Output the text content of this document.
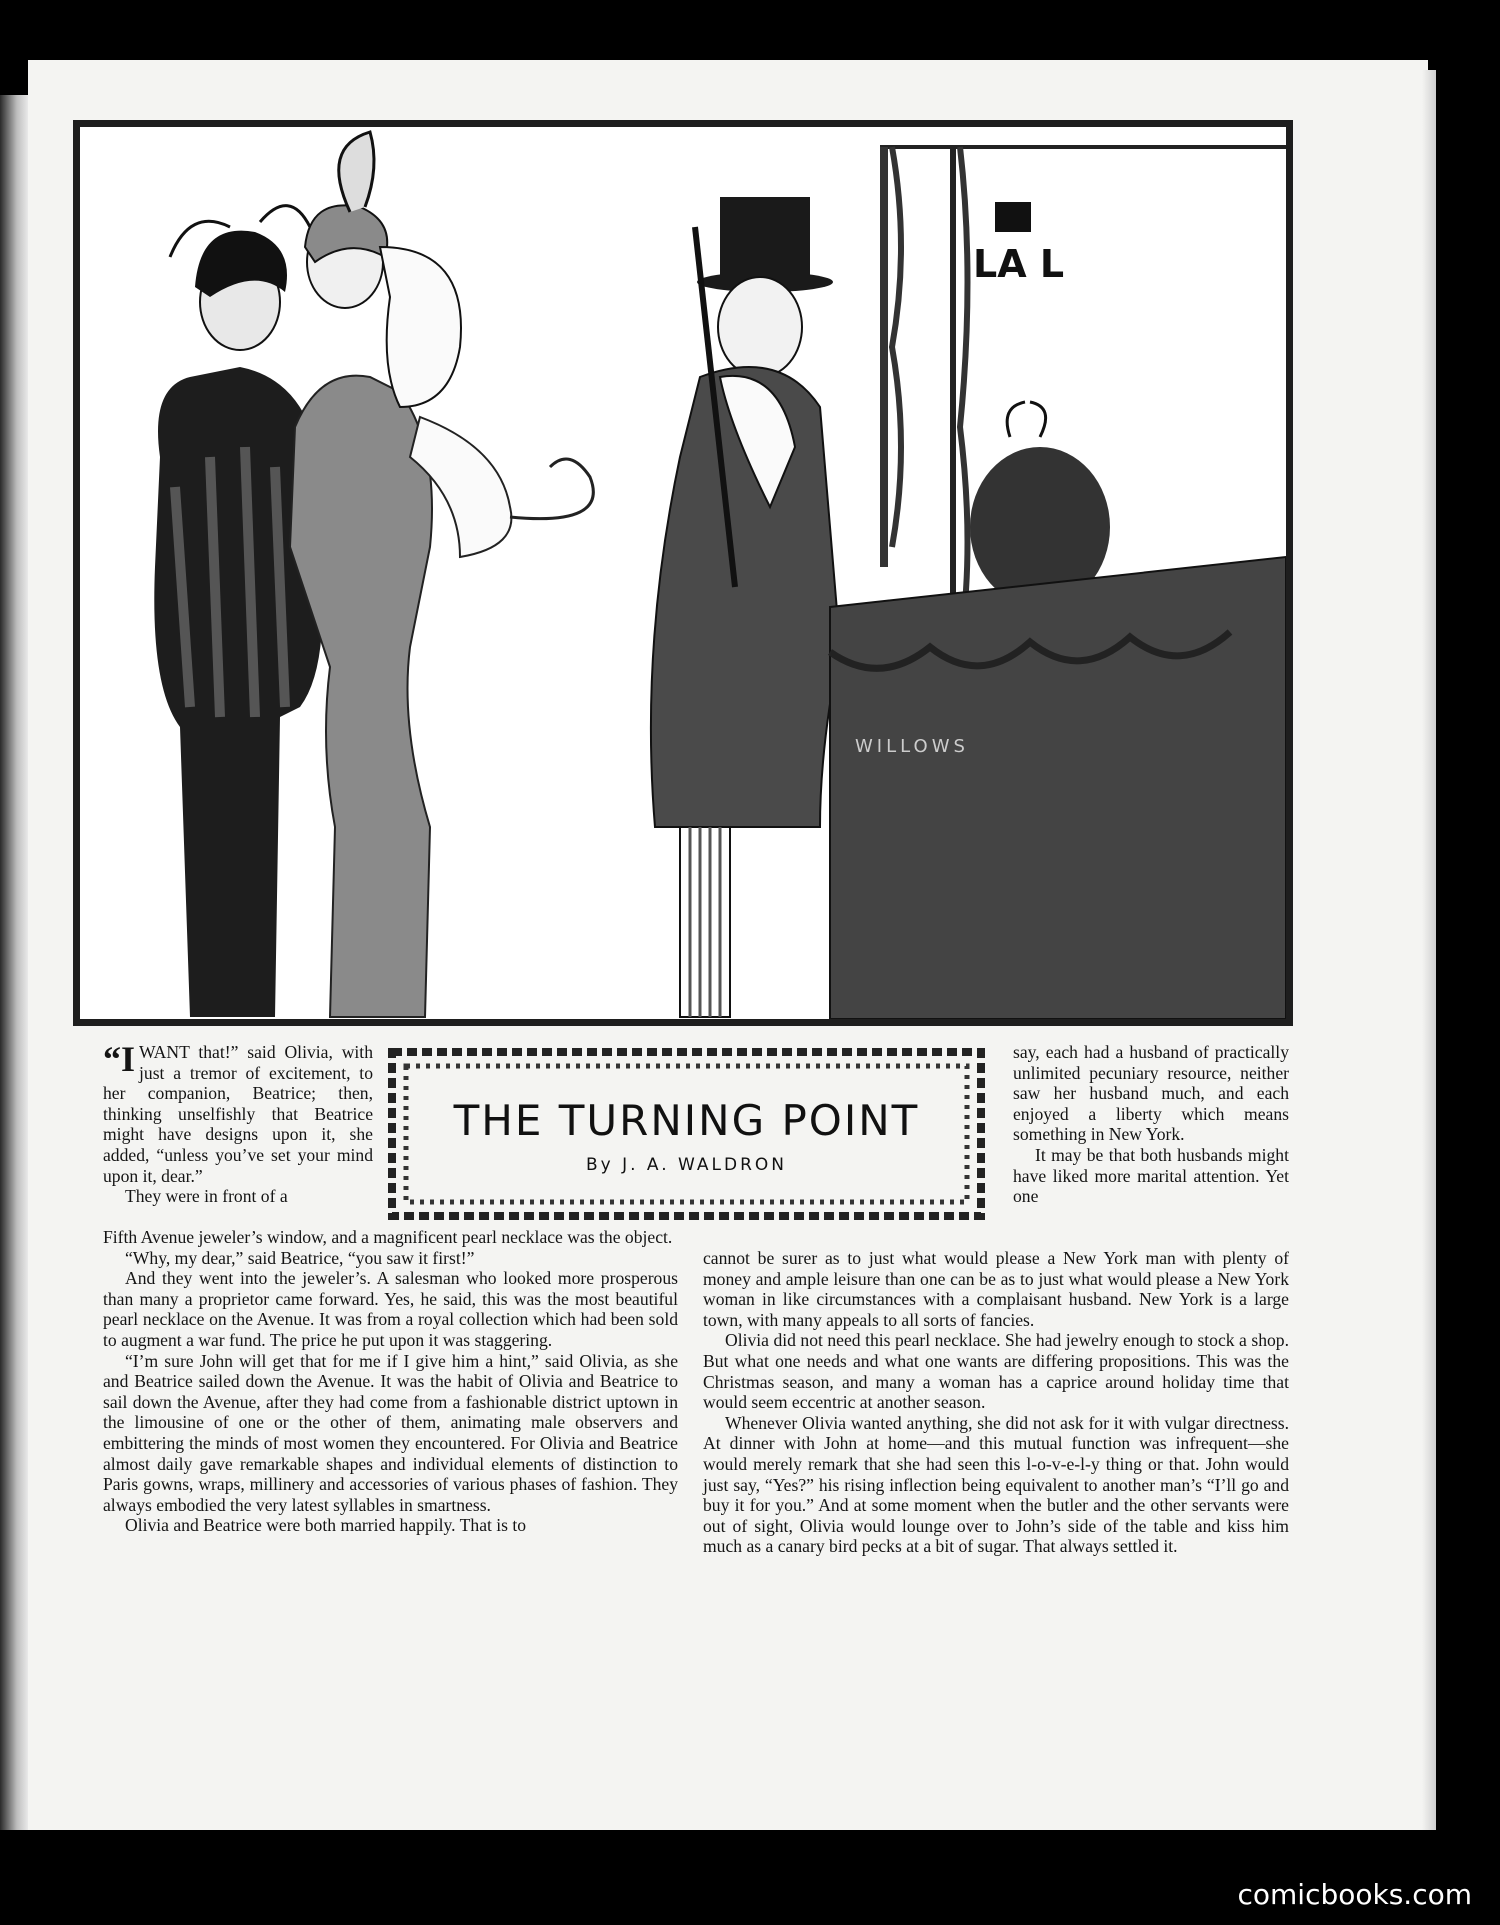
LA L
WILLOWS

“I WANT that!” said Olivia, with just a tremor of excitement, to her companion, Beatrice; then, thinking unselfishly that Beatrice might have designs upon it, she added, “unless you’ve set your mind upon it, dear.”

They were in front of a

THE TURNING POINT
By J. A. WALDRON

say, each had a husband of practically unlimited pecuniary resource, neither saw her husband much, and each enjoyed a liberty which means something in New York.

It may be that both husbands might have liked more marital attention. Yet one

Fifth Avenue jeweler’s window, and a magnificent pearl necklace was the object.

“Why, my dear,” said Beatrice, “you saw it first!”

And they went into the jeweler’s. A salesman who looked more prosperous than many a proprietor came forward. Yes, he said, this was the most beautiful pearl necklace on the Avenue. It was from a royal collection which had been sold to augment a war fund. The price he put upon it was staggering.

“I’m sure John will get that for me if I give him a hint,” said Olivia, as she and Beatrice sailed down the Avenue. It was the habit of Olivia and Beatrice to sail down the Avenue, after they had come from a fashionable district uptown in the limousine of one or the other of them, animating male observers and embittering the minds of most women they encountered. For Olivia and Beatrice almost daily gave remarkable shapes and individual elements of distinction to Paris gowns, wraps, millinery and accessories of various phases of fashion. They always embodied the very latest syllables in smartness.

Olivia and Beatrice were both married happily. That is to

cannot be surer as to just what would please a New York man with plenty of money and ample leisure than one can be as to just what would please a New York woman in like circumstances with a complaisant husband. New York is a large town, with many appeals to all sorts of fancies.

Olivia did not need this pearl necklace. She had jewelry enough to stock a shop. But what one needs and what one wants are differing propositions. This was the Christmas season, and many a woman has a caprice around holiday time that would seem eccentric at another season.

Whenever Olivia wanted anything, she did not ask for it with vulgar directness. At dinner with John at home—and this mutual function was infrequent—she would merely remark that she had seen this l-o-v-e-l-y thing or that. John would just say, “Yes?” his rising inflection being equivalent to another man’s “I’ll go and buy it for you.” And at some moment when the butler and the other servants were out of sight, Olivia would lounge over to John’s side of the table and kiss him much as a canary bird pecks at a bit of sugar. That always settled it.

comicbooks.com
